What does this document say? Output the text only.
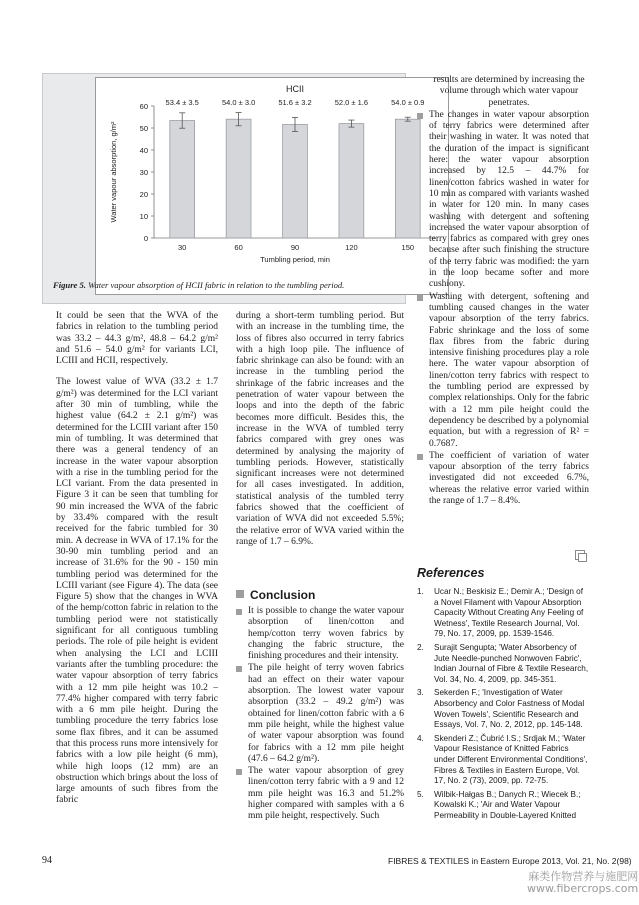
HCII
0
10
20
30
40
50
60
Water vapour absorption, g/m²
53.4 ± 3.5
30
54.0 ± 3.0
60
51.6 ± 3.2
90
52.0 ± 1.6
120
54.0 ± 0.9
150
Tumbling period, min
Figure 5. Water vapour absorption of HCII fabric in relation to the tumbling period.

It could be seen that the WVA of the fabrics in relation to the tumbling period was 33.2 – 44.3 g/m², 48.8 – 64.2 g/m² and 51.6 – 54.0 g/m² for variants LCI, LCIII and HCII, respectively.

The lowest value of WVA (33.2 ± 1.7 g/m²) was determined for the LCI variant after 30 min of tumbling, while the highest value (64.2 ± 2.1 g/m²) was determined for the LCIII variant after 150 min of tumbling. It was determined that there was a general tendency of an increase in the water vapour absorption with a rise in the tumbling period for the LCI variant. From the data presented in Figure 3 it can be seen that tumbling for 90 min increased the WVA of the fabric by 33.4% compared with the result received for the fabric tumbled for 30 min. A decrease in WVA of 17.1% for the 30-90 min tumbling period and an increase of 31.6% for the 90 - 150 min tumbling period was determined for the LCIII variant (see Figure 4). The data (see Figure 5) show that the changes in WVA of the hemp/cotton fabric in relation to the tumbling period were not statistically significant for all contiguous tumbling periods. The role of pile height is evident when analysing the LCI and LCIII variants after the tumbling procedure: the water vapour absorption of terry fabrics with a 12 mm pile height was 10.2 – 77.4% higher compared with terry fabric with a 6 mm pile height. During the tumbling procedure the terry fabrics lose some flax fibres, and it can be assumed that this process runs more intensively for fabrics with a low pile height (6 mm), while high loops (12 mm) are an obstruction which brings about the loss of large amounts of such fibres from the fabric

during a short-term tumbling period. But with an increase in the tumbling time, the loss of fibres also occurred in terry fabrics with a high loop pile. The influence of fabric shrinkage can also be found: with an increase in the tumbling period the shrinkage of the fabric increases and the penetration of water vapour between the loops and into the depth of the fabric becomes more difficult. Besides this, the increase in the WVA of tumbled terry fabrics compared with grey ones was determined by analysing the majority of tumbling periods. However, statistically significant increases were not determined for all cases investigated. In addition, statistical analysis of the tumbled terry fabrics showed that the coefficient of variation of WVA did not exceeded 5.5%; the relative error of WVA varied within the range of 1.7 – 6.9%.

Conclusion
It is possible to change the water vapour absorption of linen/cotton and hemp/cotton terry woven fabrics by changing the fabric structure, the finishing procedures and their intensity.
The pile height of terry woven fabrics had an effect on their water vapour absorption. The lowest water vapour absorption (33.2 – 49.2 g/m²) was obtained for linen/cotton fabric with a 6 mm pile height, while the highest value of water vapour absorption was found for fabrics with a 12 mm pile height (47.6 – 64.2 g/m²).
The water vapour absorption of grey linen/cotton terry fabric with a 9 and 12 mm pile height was 16.3 and 51.2% higher compared with samples with a 6 mm pile height, respectively. Such
results are determined by increasing the volume through which water vapour penetrates.
The changes in water vapour absorption of terry fabrics were determined after their washing in water. It was noted that the duration of the impact is significant here: the water vapour absorption increased by 12.5 – 44.7% for linen/cotton fabrics washed in water for 10 min as compared with variants washed in water for 120 min. In many cases washing with detergent and softening increased the water vapour absorption of terry fabrics as compared with grey ones because after such finishing the structure of the terry fabric was modified: the yarn in the loop became softer and more cushiony.
Washing with detergent, softening and tumbling caused changes in the water vapour absorption of the terry fabrics. Fabric shrinkage and the loss of some flax fibres from the fabric during intensive finishing procedures play a role here. The water vapour absorption of linen/cotton terry fabrics with respect to the tumbling period are expressed by complex relationships. Only for the fabric with a 12 mm pile height could the dependency be described by a polynomial equation, but with a regression of R² = 0.7687.
The coefficient of variation of water vapour absorption of the terry fabrics investigated did not exceeded 6.7%, whereas the relative error varied within the range of 1.7 – 8.4%.
References
1. Ucar N.; Beskisiz E.; Demir A.; 'Design of a Novel Filament with Vapour Absorption Capacity Without Creating Any Feeling of Wetness', Textile Research Journal, Vol. 79, No. 17, 2009, pp. 1539-1546.
2. Surajit Sengupta; 'Water Absorbency of Jute Needle-punched Nonwoven Fabric', Indian Journal of Fibre & Textile Research, Vol. 34, No. 4, 2009, pp. 345-351.
3. Sekerden F.; 'Investigation of Water Absorbency and Color Fastness of Modal Woven Towels', Scientific Research and Essays, Vol. 7, No. 2, 2012, pp. 145-148.
4. Skenderi Z.; Čubrić I.S.; Srdjak M.; 'Water Vapour Resistance of Knitted Fabrics under Different Environmental Conditions', Fibres & Textiles in Eastern Europe, Vol. 17, No. 2 (73), 2009, pp. 72-75.
5. Wilbik-Hałgas B.; Danych R.; Wiecek B.; Kowalski K.; 'Air and Water Vapour Permeability in Double-Layered Knitted
94	FIBRES & TEXTILES in Eastern Europe 2013, Vol. 21, No. 2(98)
麻类作物营养与施肥网
www.fibercrops.com
